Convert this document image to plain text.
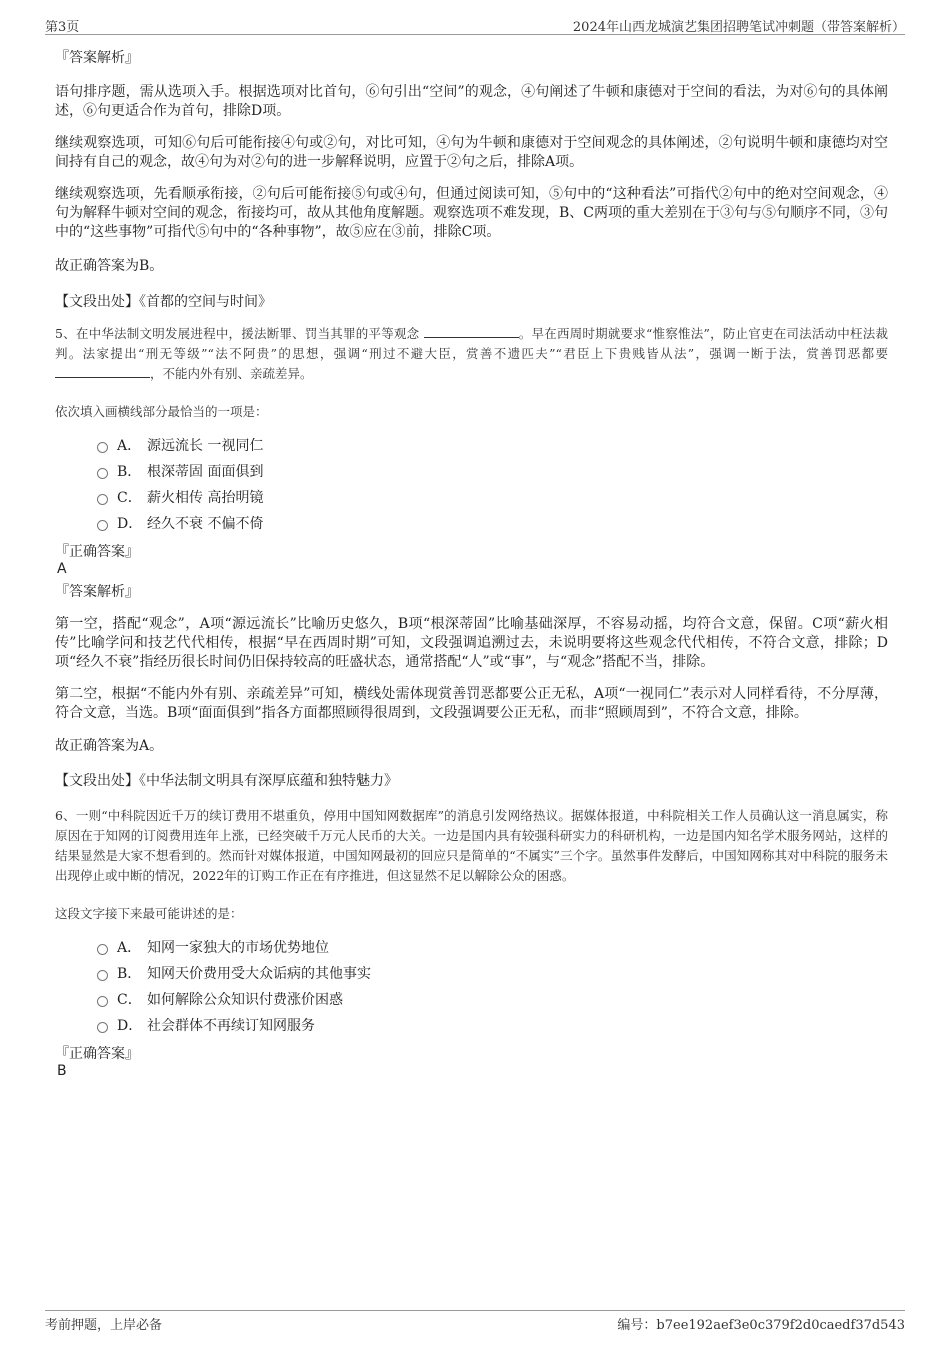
第3页	2024年山西龙城演艺集团招聘笔试冲刺题（带答案解析）

『答案解析』

语句排序题，需从选项入手。根据选项对比首句，⑥句引出“空间”的观念，④句阐述了牛顿和康德对于空间的看法，为对⑥句的具体阐述，⑥句更适合作为首句，排除D项。

继续观察选项，可知⑥句后可能衔接④句或②句，对比可知，④句为牛顿和康德对于空间观念的具体阐述，②句说明牛顿和康德均对空间持有自己的观念，故④句为对②句的进一步解释说明，应置于②句之后，排除A项。

继续观察选项，先看顺承衔接，②句后可能衔接⑤句或④句，但通过阅读可知，⑤句中的“这种看法”可指代②句中的绝对空间观念，④句为解释牛顿对空间的观念，衔接均可，故从其他角度解题。观察选项不难发现，B、C两项的重大差别在于③句与⑤句顺序不同，③句中的“这些事物”可指代⑤句中的“各种事物”，故⑤应在③前，排除C项。

故正确答案为B。

【文段出处】《首都的空间与时间》

5、在中华法制文明发展进程中，援法断罪、罚当其罪的平等观念	。早在西周时期就要求“惟察惟法”，防止官吏在司法活动中枉法裁判。法家提出“刑无等级”“法不阿贵”的思想，强调“刑过不避大臣，赏善不遗匹夫”“君臣上下贵贱皆从法”，强调一断于法，赏善罚恶都要 ，不能内外有别、亲疏差异。

依次填入画横线部分最恰当的一项是：

A． 源远流长 一视同仁
B． 根深蒂固 面面俱到
C． 薪火相传 高抬明镜
D． 经久不衰 不偏不倚

『正确答案』

A

『答案解析』

第一空，搭配“观念”，A项“源远流长”比喻历史悠久，B项“根深蒂固”比喻基础深厚，不容易动摇，均符合文意，保留。C项“薪火相传”比喻学问和技艺代代相传，根据“早在西周时期”可知，文段强调追溯过去，未说明要将这些观念代代相传，不符合文意，排除；D项“经久不衰”指经历很长时间仍旧保持较高的旺盛状态，通常搭配“人”或“事”，与“观念”搭配不当，排除。

第二空，根据“不能内外有别、亲疏差异”可知，横线处需体现赏善罚恶都要公正无私，A项“一视同仁”表示对人同样看待，不分厚薄，符合文意，当选。B项“面面俱到”指各方面都照顾得很周到，文段强调要公正无私，而非“照顾周到”，不符合文意，排除。

故正确答案为A。

【文段出处】《中华法制文明具有深厚底蕴和独特魅力》

6、一则“中科院因近千万的续订费用不堪重负，停用中国知网数据库”的消息引发网络热议。据媒体报道，中科院相关工作人员确认这一消息属实，称原因在于知网的订阅费用连年上涨，已经突破千万元人民币的大关。一边是国内具有较强科研实力的科研机构，一边是国内知名学术服务网站，这样的结果显然是大家不想看到的。然而针对媒体报道，中国知网最初的回应只是简单的“不属实”三个字。虽然事件发酵后，中国知网称其对中科院的服务未出现停止或中断的情况，2022年的订购工作正在有序推进，但这显然不足以解除公众的困惑。

这段文字接下来最可能讲述的是：

A． 知网一家独大的市场优势地位
B． 知网天价费用受大众诟病的其他事实
C． 如何解除公众知识付费涨价困惑
D． 社会群体不再续订知网服务

『正确答案』

B

考前押题，上岸必备	编号：b7ee192aef3e0c379f2d0caedf37d543
